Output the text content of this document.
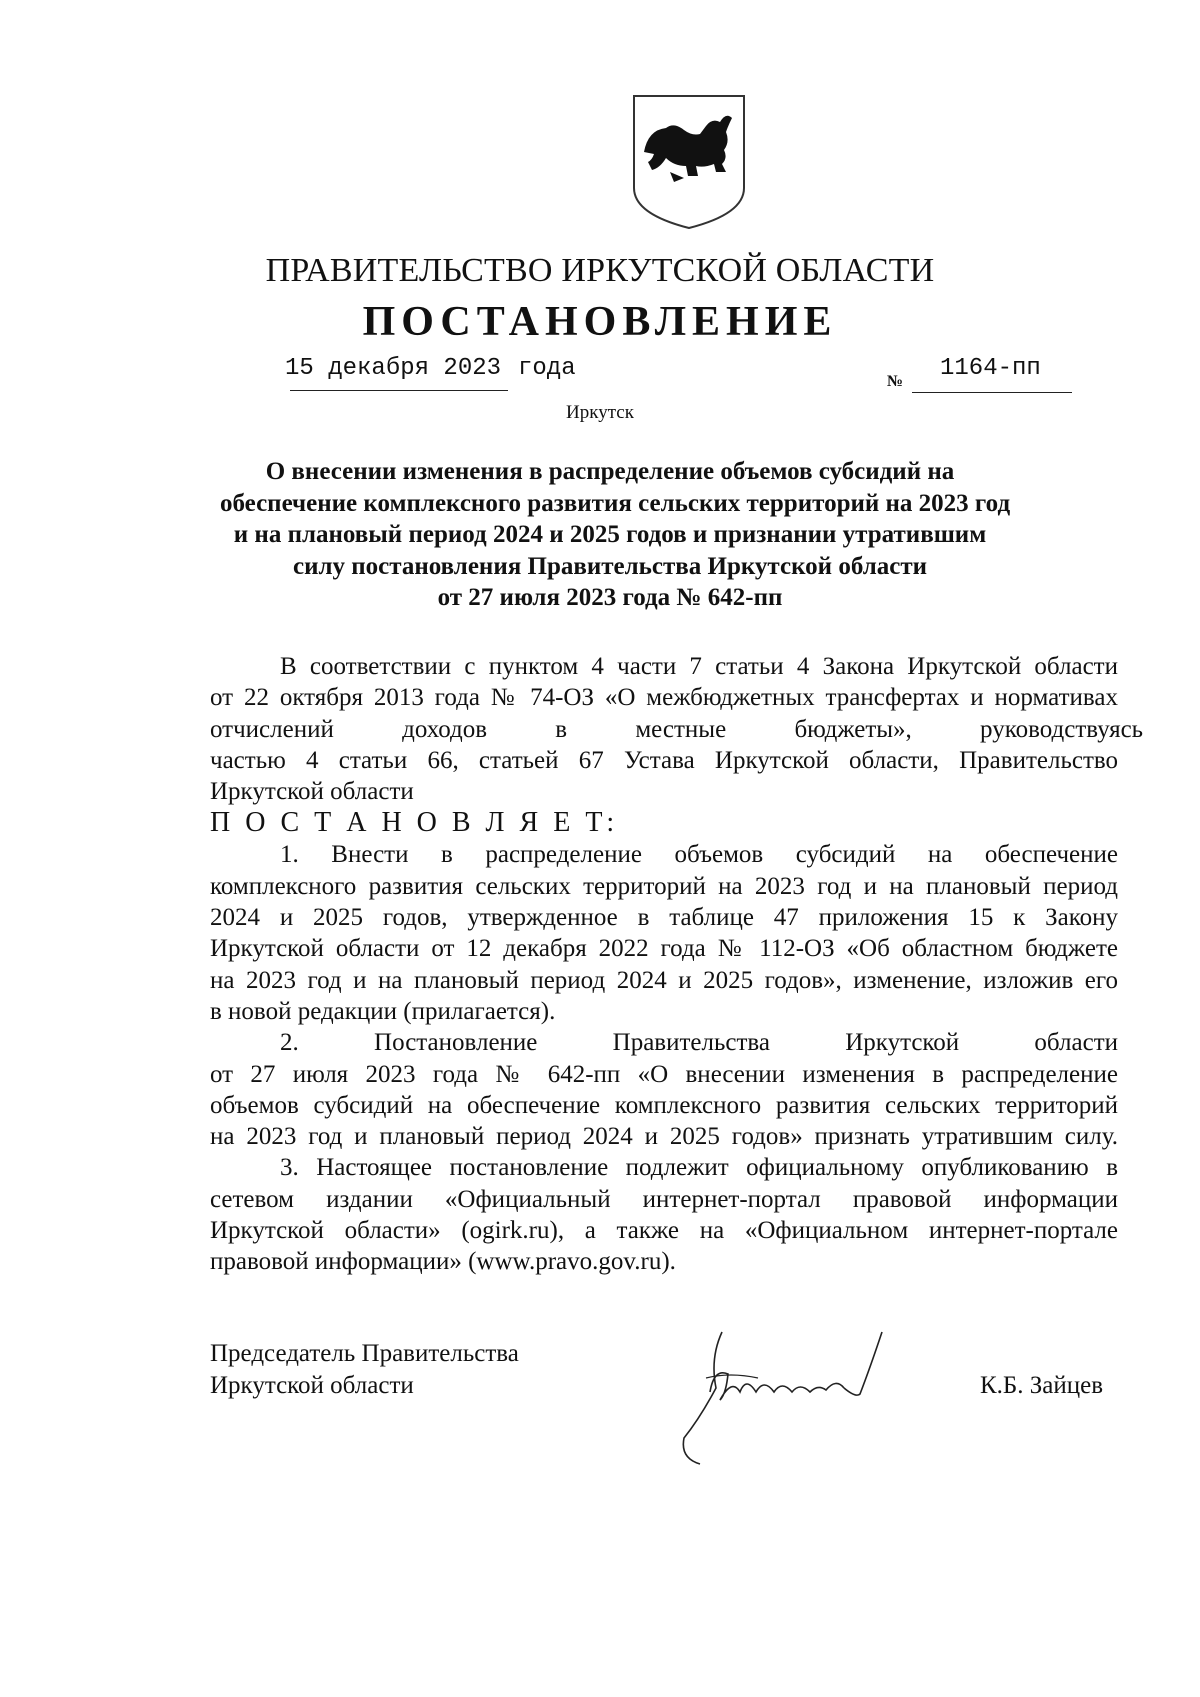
ПРАВИТЕЛЬСТВО ИРКУТСКОЙ ОБЛАСТИ
ПОСТАНОВЛЕНИЕ
15 декабря 2023 года	№ 1164-пп
Иркутск
О внесении изменения в распределение объемов субсидий на
обеспечение комплексного развития сельских территорий на 2023 год
и на плановый период 2024 и 2025 годов и признании утратившим
силу постановления Правительства Иркутской области
от 27 июля 2023 года № 642-пп
В соответствии с пунктом 4 части 7 статьи 4 Закона Иркутской области
от 22 октября 2013 года № 74-ОЗ «О межбюджетных трансфертах и нормативах
отчислений доходов в местные бюджеты», руководствуясь
частью 4 статьи 66, статьей 67 Устава Иркутской области, Правительство
Иркутской области
П О С Т А Н О В Л Я Е Т:
1. Внести в распределение объемов субсидий на обеспечение
комплексного развития сельских территорий на 2023 год и на плановый период
2024 и 2025 годов, утвержденное в таблице 47 приложения 15 к Закону
Иркутской области от 12 декабря 2022 года № 112-ОЗ «Об областном бюджете
на 2023 год и на плановый период 2024 и 2025 годов», изменение, изложив его
в новой редакции (прилагается).
2. Постановление Правительства Иркутской области
от 27 июля 2023 года № 642-пп «О внесении изменения в распределение
объемов субсидий на обеспечение комплексного развития сельских территорий
на 2023 год и плановый период 2024 и 2025 годов» признать утратившим силу.
3. Настоящее постановление подлежит официальному опубликованию в
сетевом издании «Официальный интернет-портал правовой информации
Иркутской области» (ogirk.ru), а также на «Официальном интернет-портале
правовой информации» (www.pravo.gov.ru).
Председатель Правительства
Иркутской области	К.Б. Зайцев
